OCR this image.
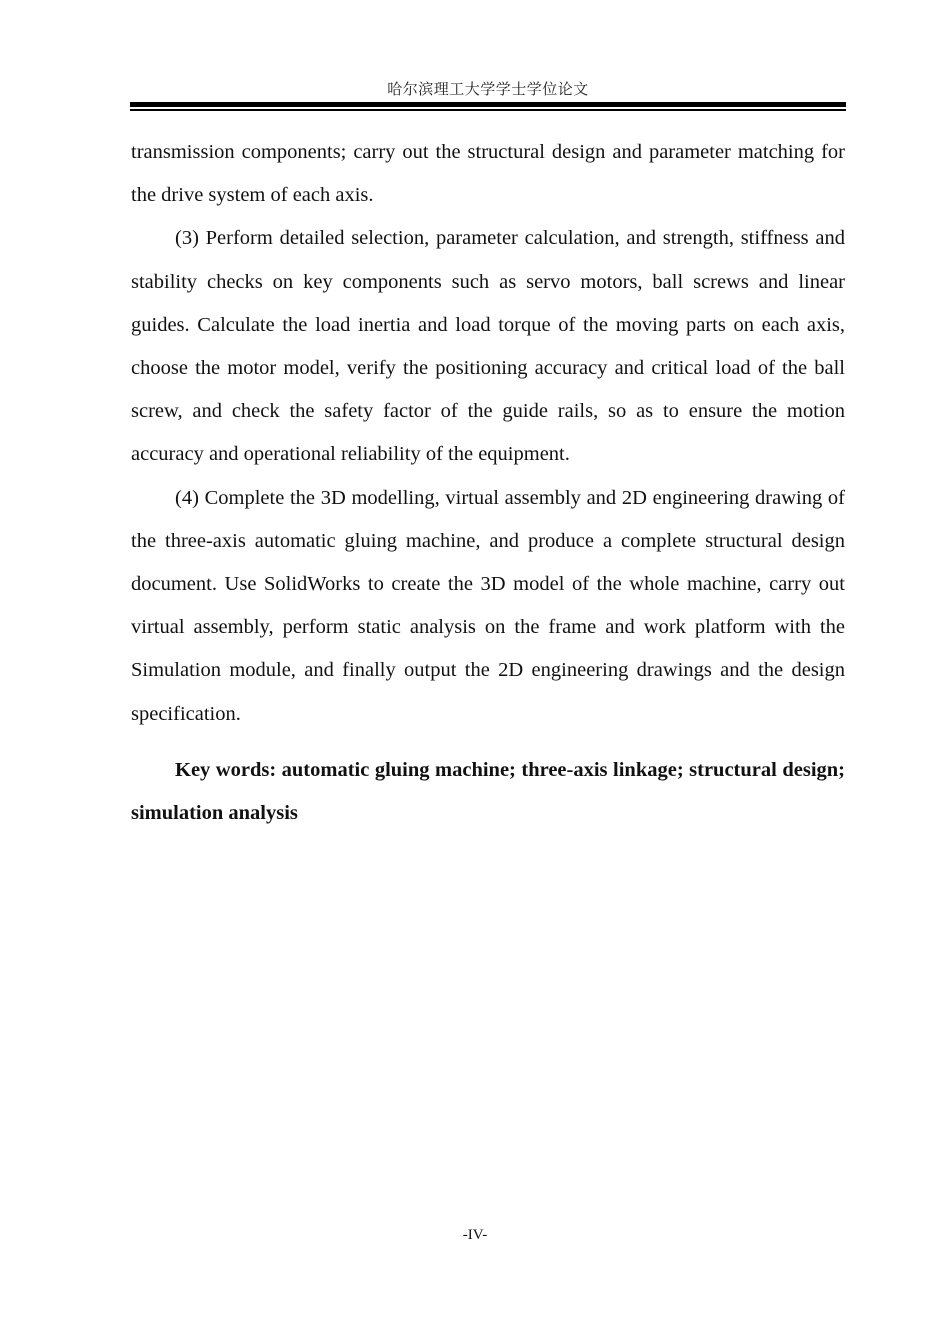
哈尔滨理工大学学士学位论文

transmission components; carry out the structural design and parameter matching for the drive system of each axis.

(3) Perform detailed selection, parameter calculation, and strength, stiffness and stability checks on key components such as servo motors, ball screws and linear guides. Calculate the load inertia and load torque of the moving parts on each axis, choose the motor model, verify the positioning accuracy and critical load of the ball screw, and check the safety factor of the guide rails, so as to ensure the motion accuracy and operational reliability of the equipment.

(4) Complete the 3D modelling, virtual assembly and 2D engineering drawing of the three-axis automatic gluing machine, and produce a complete structural design document. Use SolidWorks to create the 3D model of the whole machine, carry out virtual assembly, perform static analysis on the frame and work platform with the Simulation module, and finally output the 2D engineering drawings and the design specification.

Key words: automatic gluing machine; three-axis linkage; structural design; simulation analysis

-IV-
